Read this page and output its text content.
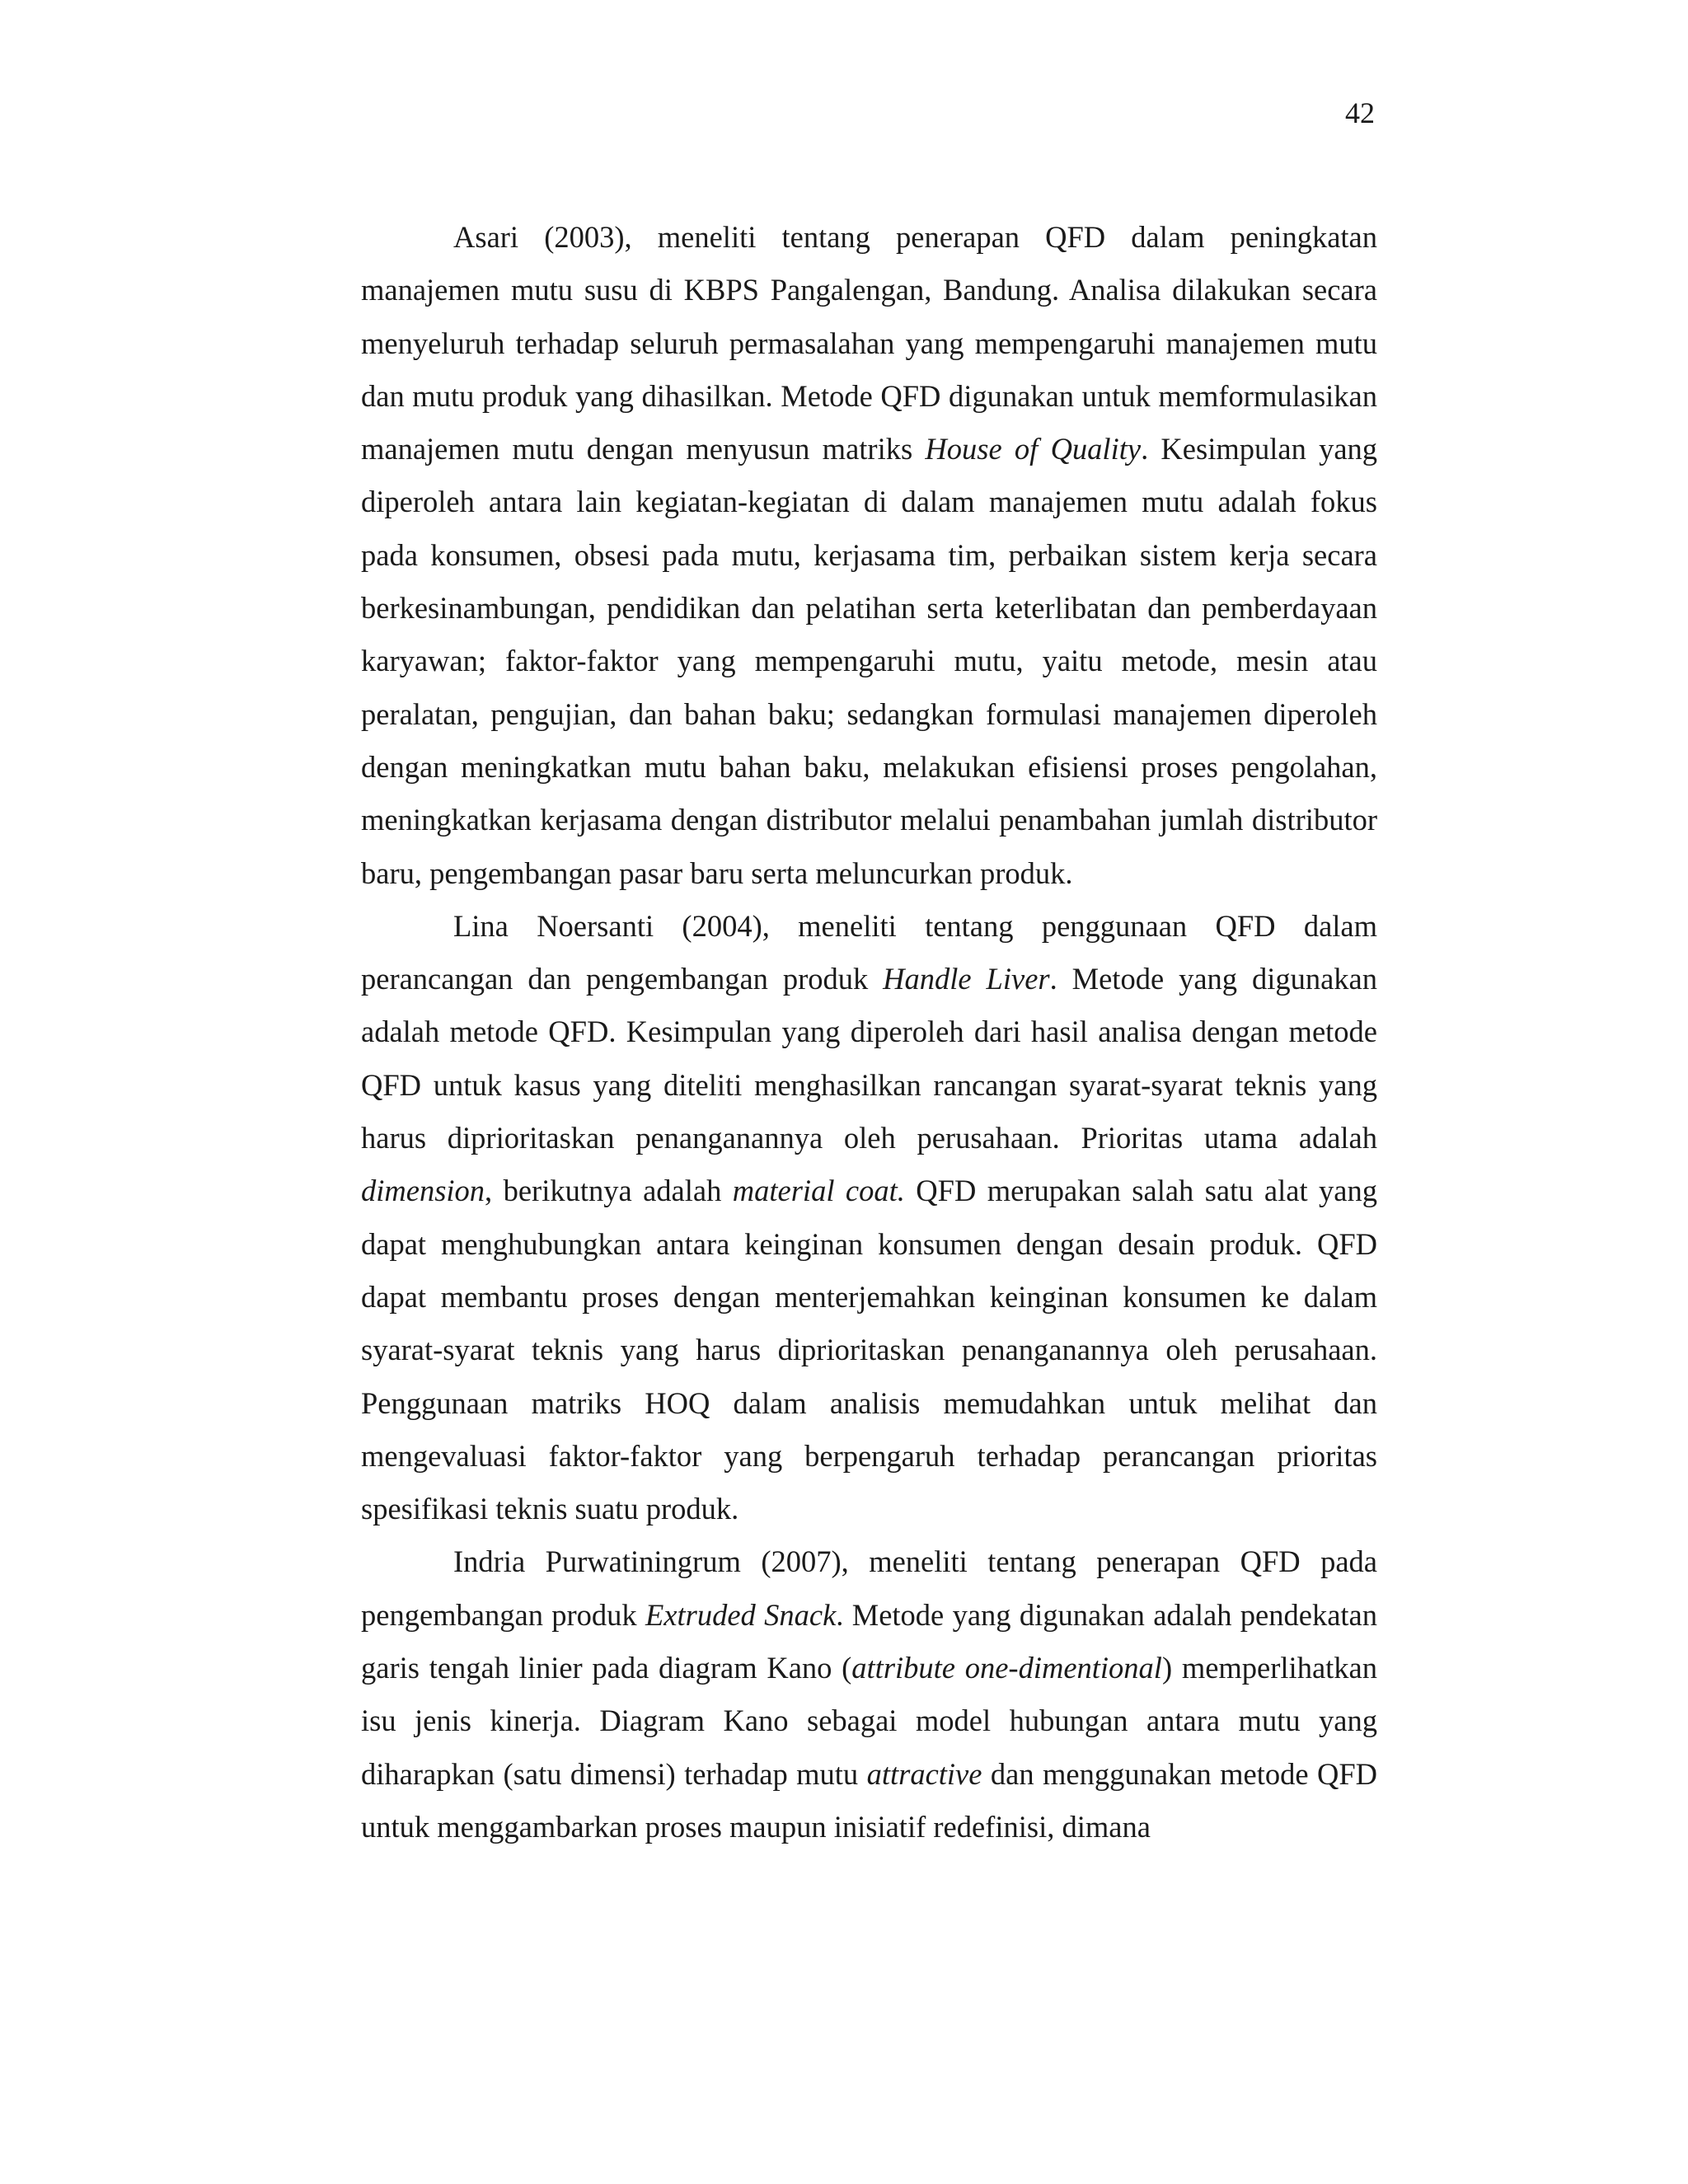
42

Asari (2003), meneliti tentang penerapan QFD dalam peningkatan manajemen mutu susu di KBPS Pangalengan, Bandung. Analisa dilakukan secara menyeluruh terhadap seluruh permasalahan yang mempengaruhi manajemen mutu dan mutu produk yang dihasilkan. Metode QFD digunakan untuk memformulasikan manajemen mutu dengan menyusun matriks House of Quality. Kesimpulan yang diperoleh antara lain kegiatan-kegiatan di dalam manajemen mutu adalah fokus pada konsumen, obsesi pada mutu, kerjasama tim, perbaikan sistem kerja secara berkesinambungan, pendidikan dan pelatihan serta keterlibatan dan pemberdayaan karyawan; faktor-faktor yang mempengaruhi mutu, yaitu metode, mesin atau peralatan, pengujian, dan bahan baku; sedangkan formulasi manajemen diperoleh dengan meningkatkan mutu bahan baku, melakukan efisiensi proses pengolahan, meningkatkan kerjasama dengan distributor melalui penambahan jumlah distributor baru, pengembangan pasar baru serta meluncurkan produk.

Lina Noersanti (2004), meneliti tentang penggunaan QFD dalam perancangan dan pengembangan produk Handle Liver. Metode yang digunakan adalah metode QFD. Kesimpulan yang diperoleh dari hasil analisa dengan metode QFD untuk kasus yang diteliti menghasilkan rancangan syarat-syarat teknis yang harus diprioritaskan penanganannya oleh perusahaan. Prioritas utama adalah dimension, berikutnya adalah material coat. QFD merupakan salah satu alat yang dapat menghubungkan antara keinginan konsumen dengan desain produk. QFD dapat membantu proses dengan menterjemahkan keinginan konsumen ke dalam syarat-syarat teknis yang harus diprioritaskan penanganannya oleh perusahaan. Penggunaan matriks HOQ dalam analisis memudahkan untuk melihat dan mengevaluasi faktor-faktor yang berpengaruh terhadap perancangan prioritas spesifikasi teknis suatu produk.

Indria Purwatiningrum (2007), meneliti tentang penerapan QFD pada pengembangan produk Extruded Snack. Metode yang digunakan adalah pendekatan garis tengah linier pada diagram Kano (attribute one-dimentional) memperlihatkan isu jenis kinerja. Diagram Kano sebagai model hubungan antara mutu yang diharapkan (satu dimensi) terhadap mutu attractive dan menggunakan metode QFD untuk menggambarkan proses maupun inisiatif redefinisi, dimana
